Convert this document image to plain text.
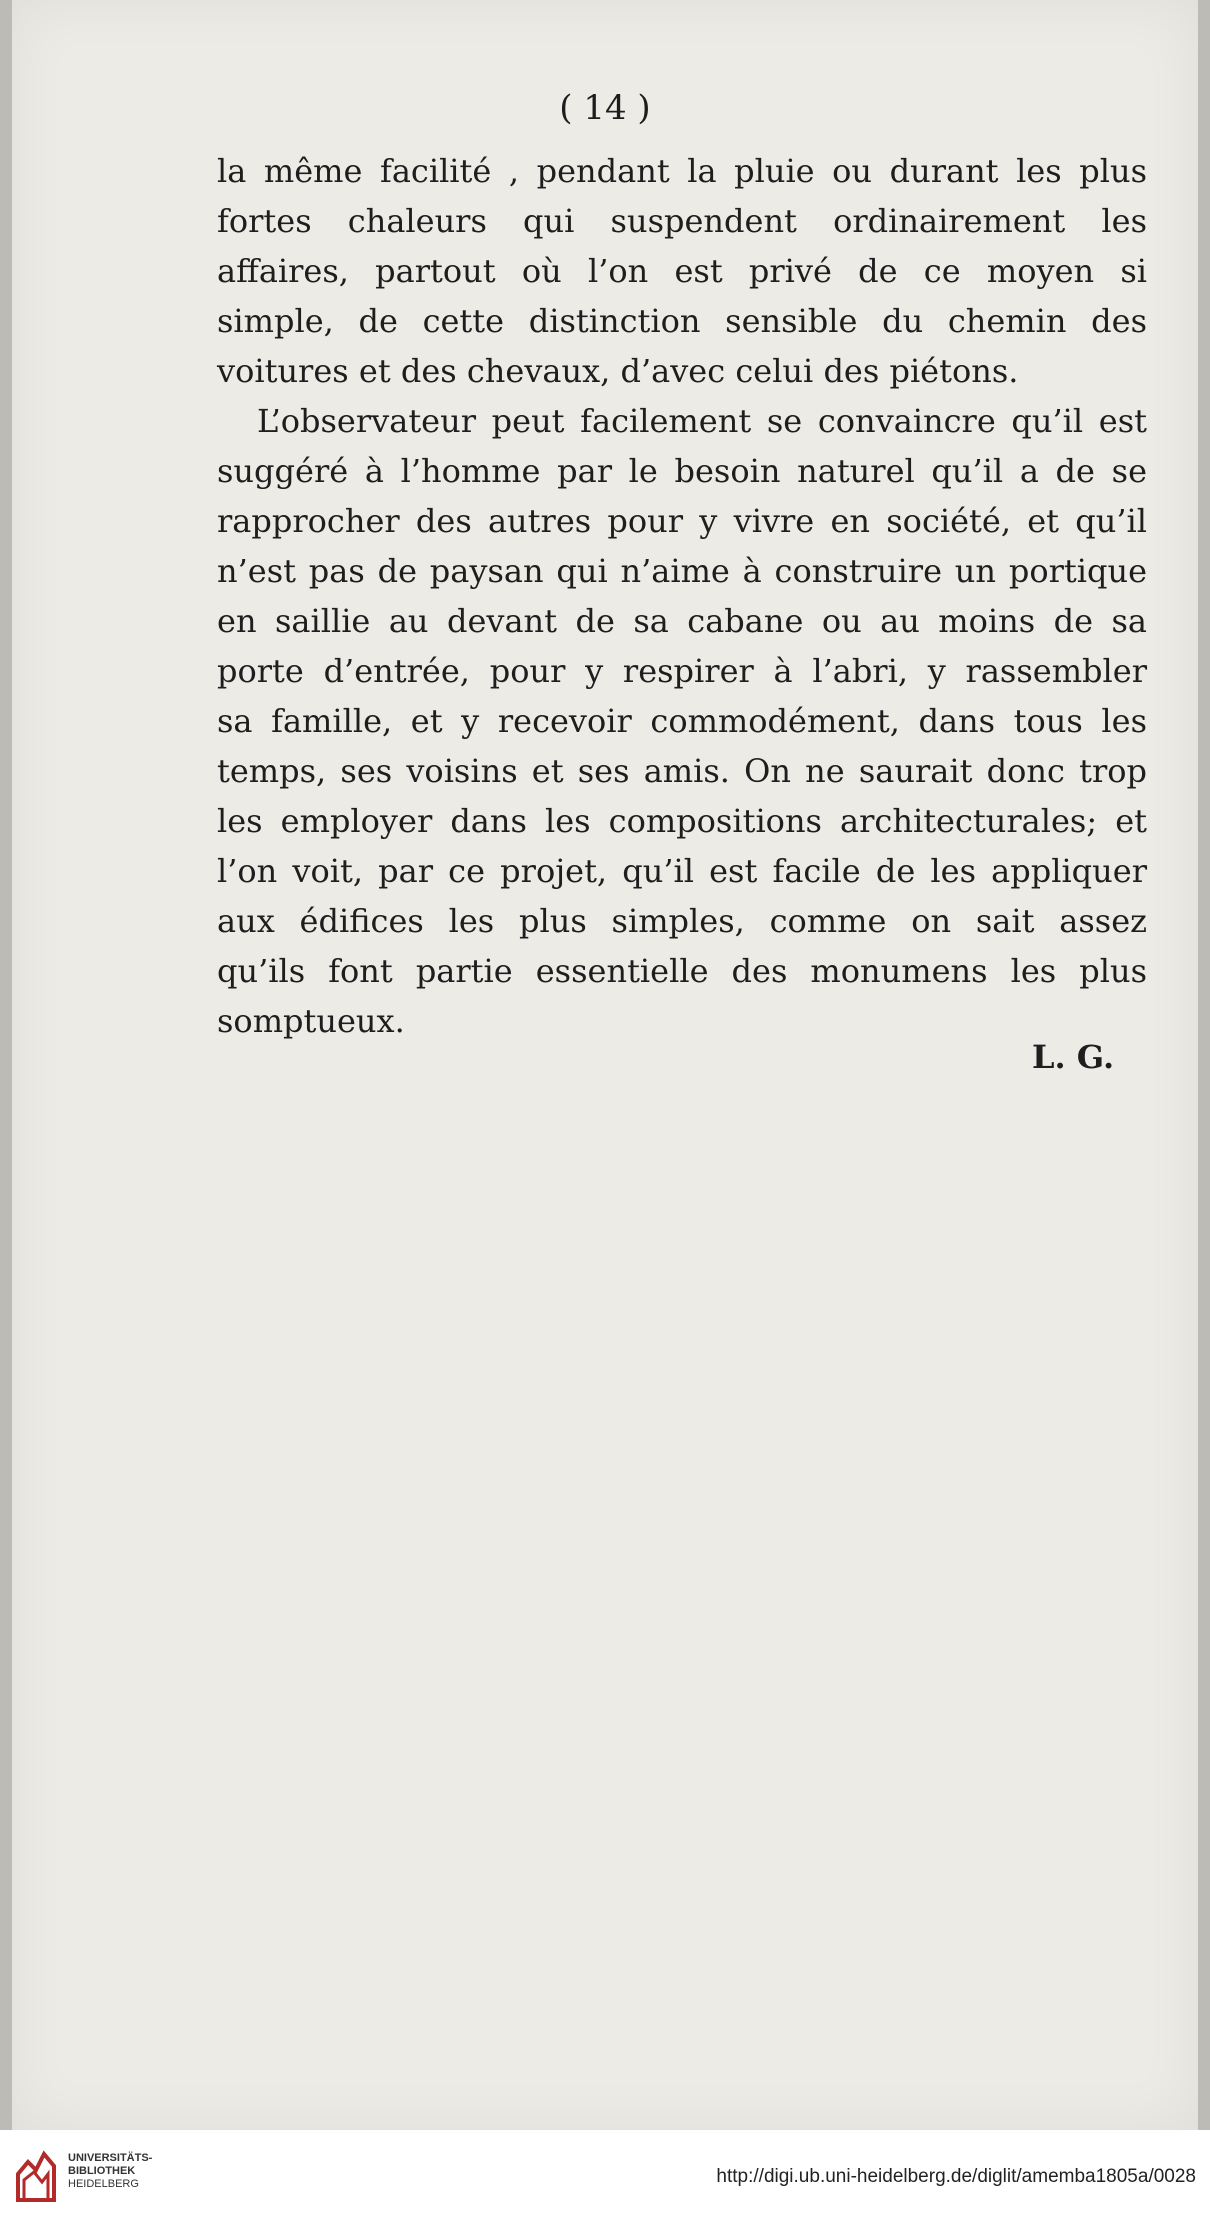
( 14 )

la même facilité , pendant la pluie ou durant les plus
fortes chaleurs qui suspendent ordinairement les
affaires, partout où l’on est privé de ce moyen si
simple, de cette distinction sensible du chemin des
voitures et des chevaux, d’avec celui des piétons.
L’observateur peut facilement se convaincre qu’il est
suggéré à l’homme par le besoin naturel qu’il a de se
rapprocher des autres pour y vivre en société, et qu’il
n’est pas de paysan qui n’aime à construire un portique
en saillie au devant de sa cabane ou au moins de sa
porte d’entrée, pour y respirer à l’abri, y rassembler
sa famille, et y recevoir commodément, dans tous les
temps, ses voisins et ses amis. On ne saurait donc trop
les employer dans les compositions architecturales; et
l’on voit, par ce projet, qu’il est facile de les appliquer
aux édifices les plus simples, comme on sait assez
qu’ils font partie essentielle des monumens les plus
somptueux.
L. G.
UNIVERSITÄTS-
BIBLIOTHEK
HEIDELBERG	http://digi.ub.uni-heidelberg.de/diglit/amemba1805a/0028
